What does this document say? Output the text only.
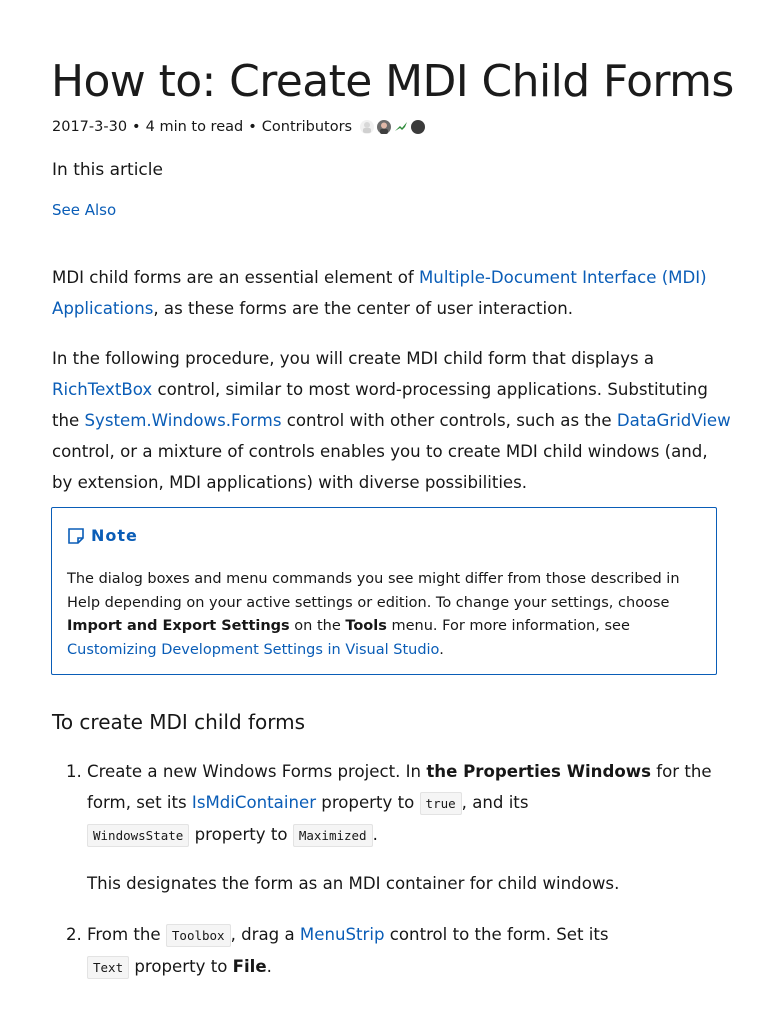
How to: Create MDI Child Forms
2017-3-30 • 4 min to read • Contributors
In this article
See Also

MDI child forms are an essential element of Multiple-Document Interface (MDI) Applications, as these forms are the center of user interaction.

In the following procedure, you will create MDI child form that displays a RichTextBox control, similar to most word-processing applications. Substituting the System.Windows.Forms control with other controls, such as the DataGridView control, or a mixture of controls enables you to create MDI child windows (and, by extension, MDI applications) with diverse possibilities.

Note
The dialog boxes and menu commands you see might differ from those described in Help depending on your active settings or edition. To change your settings, choose Import and Export Settings on the Tools menu. For more information, see Customizing Development Settings in Visual Studio.
To create MDI child forms
1. Create a new Windows Forms project. In the Properties Windows for the form, set its IsMdiContainer property to true , and its
WindowsState property to Maximized .
This designates the form as an MDI container for child windows.
2. From the Toolbox , drag a MenuStrip control to the form. Set its
Text property to File.
